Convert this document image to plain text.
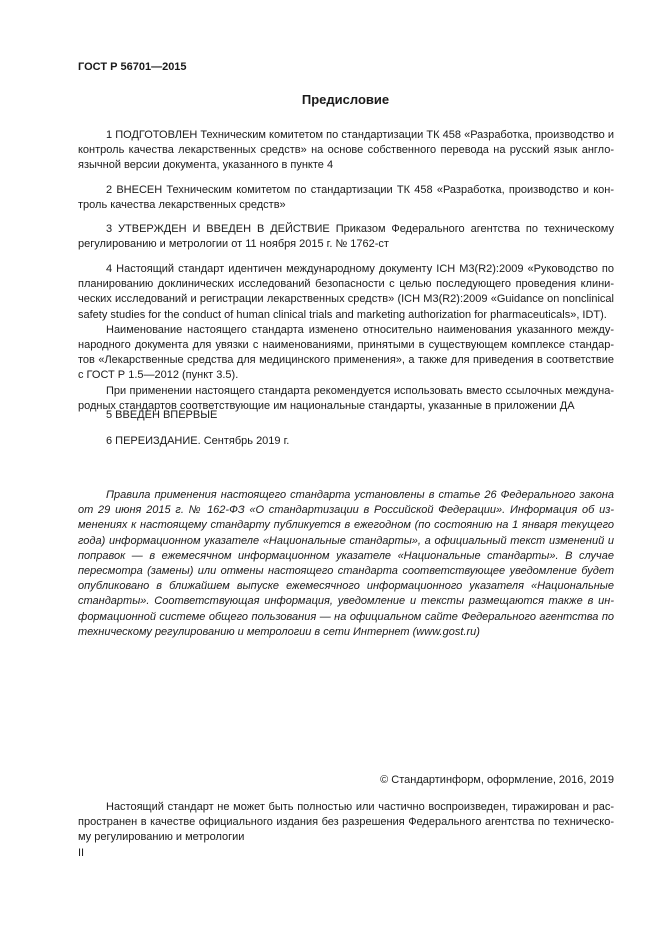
ГОСТ Р 56701—2015
Предисловие

1 ПОДГОТОВЛЕН Техническим комитетом по стандартизации ТК 458 «Разработка, производство и контроль качества лекарственных средств» на основе собственного перевода на русский язык англо-язычной версии документа, указанного в пункте 4

2 ВНЕСЕН Техническим комитетом по стандартизации ТК 458 «Разработка, производство и кон-троль качества лекарственных средств»

3 УТВЕРЖДЕН И ВВЕДЕН В ДЕЙСТВИЕ Приказом Федерального агентства по техническому регулированию и метрологии от 11 ноября 2015 г. № 1762-ст

4 Настоящий стандарт идентичен международному документу ICH M3(R2):2009 «Руководство по планированию доклинических исследований безопасности с целью последующего проведения клини-ческих исследований и регистрации лекарственных средств» (ICH M3(R2):2009 «Guidance on nonclinical safety studies for the conduct of human clinical trials and marketing authorization for pharmaceuticals», IDT).

Наименование настоящего стандарта изменено относительно наименования указанного между-народного документа для увязки с наименованиями, принятыми в существующем комплексе стандар-тов «Лекарственные средства для медицинского применения», а также для приведения в соответствие с ГОСТ Р 1.5—2012 (пункт 3.5).

При применении настоящего стандарта рекомендуется использовать вместо ссылочных междуна-родных стандартов соответствующие им национальные стандарты, указанные в приложении ДА

5 ВВЕДЕН ВПЕРВЫЕ

6 ПЕРЕИЗДАНИЕ. Сентябрь 2019 г.

Правила применения настоящего стандарта установлены в статье 26 Федерального закона от 29 июня 2015 г. № 162-ФЗ «О стандартизации в Российской Федерации». Информация об из-менениях к настоящему стандарту публикуется в ежегодном (по состоянию на 1 января текущего года) информационном указателе «Национальные стандарты», а официальный текст изменений и поправок — в ежемесячном информационном указателе «Национальные стандарты». В случае пересмотра (замены) или отмены настоящего стандарта соответствующее уведомление будет опубликовано в ближайшем выпуске ежемесячного информационного указателя «Национальные стандарты». Соответствующая информация, уведомление и тексты размещаются также в ин-формационной системе общего пользования — на официальном сайте Федерального агентства по техническому регулированию и метрологии в сети Интернет (www.gost.ru)

© Стандартинформ, оформление, 2016, 2019

Настоящий стандарт не может быть полностью или частично воспроизведен, тиражирован и рас-пространен в качестве официального издания без разрешения Федерального агентства по техническо-му регулированию и метрологии

II
